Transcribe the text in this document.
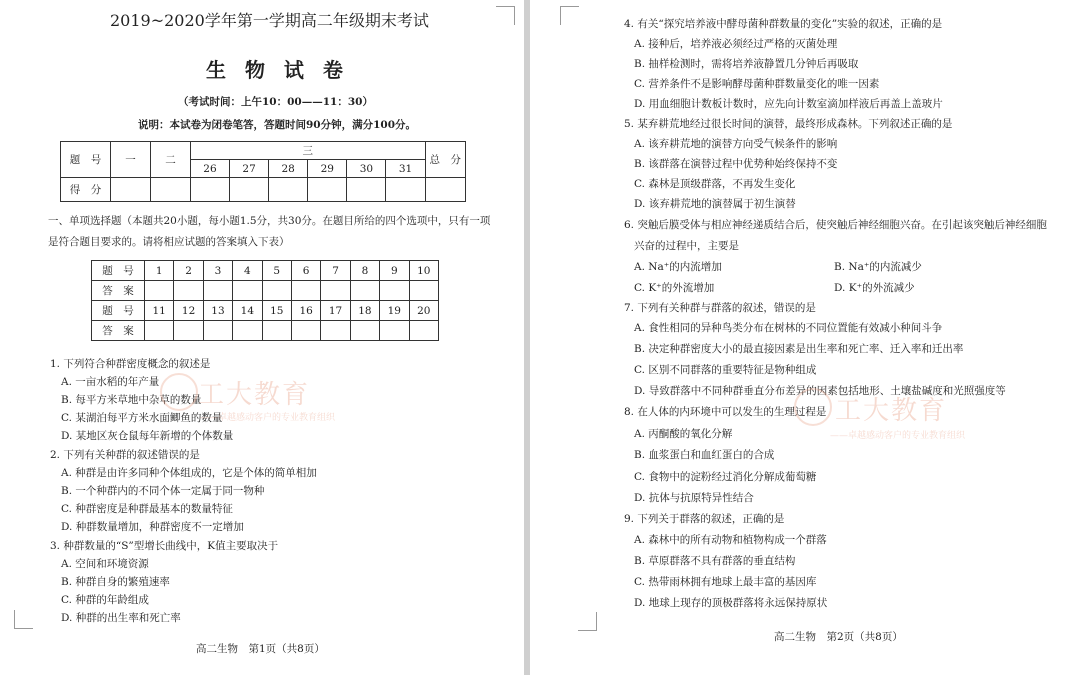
2019~2020学年第一学期高二年级期末考试
生 物 试 卷
（考试时间：上午10：00——11：30）
说明：本试卷为闭卷笔答，答题时间90分钟，满分100分。
题　号	一	二	三						总　分
			26	27	28	29	30	31	
得　分									
一、单项选择题（本题共20小题，每小题1.5分，共30分。在题目所给的四个选项中，只有一项
是符合题目要求的。请将相应试题的答案填入下表）
题　号	1	2	3	4	5	6	7	8	9	10
答　案										
题　号	11	12	13	14	15	16	17	18	19	20
答　案										
1. 下列符合种群密度概念的叙述是
A. 一亩水稻的年产量
B. 每平方米草地中杂草的数量
C. 某湖泊每平方米水面鲫鱼的数量
D. 某地区灰仓鼠每年新增的个体数量
2. 下列有关种群的叙述错误的是
A. 种群是由许多同种个体组成的，它是个体的简单相加
B. 一个种群内的不同个体一定属于同一物种
C. 种群密度是种群最基本的数量特征
D. 种群数量增加，种群密度不一定增加
3. 种群数量的“S”型增长曲线中，K值主要取决于
A. 空间和环境资源
B. 种群自身的繁殖速率
C. 种群的年龄组成
D. 种群的出生率和死亡率
工大教育
——卓越感动客户的专业教育组织
高二生物　第1页（共8页）
4. 有关“探究培养液中酵母菌种群数量的变化”实验的叙述，正确的是
A. 接种后，培养液必须经过严格的灭菌处理
B. 抽样检测时，需将培养液静置几分钟后再吸取
C. 营养条件不是影响酵母菌种群数量变化的唯一因素
D. 用血细胞计数板计数时，应先向计数室滴加样液后再盖上盖玻片
5. 某弃耕荒地经过很长时间的演替，最终形成森林。下列叙述正确的是
A. 该弃耕荒地的演替方向受气候条件的影响
B. 该群落在演替过程中优势种始终保持不变
C. 森林是顶级群落，不再发生变化
D. 该弃耕荒地的演替属于初生演替
6. 突触后膜受体与相应神经递质结合后，使突触后神经细胞兴奋。在引起该突触后神经细胞
兴奋的过程中，主要是
A. Na⁺的内流增加	B. Na⁺的内流减少
C. K⁺的外流增加	D. K⁺的外流减少
7. 下列有关种群与群落的叙述，错误的是
A. 食性相同的异种鸟类分布在树林的不同位置能有效减小种间斗争
B. 决定种群密度大小的最直接因素是出生率和死亡率、迁入率和迁出率
C. 区别不同群落的重要特征是物种组成
D. 导致群落中不同种群垂直分布差异的因素包括地形、土壤盐碱度和光照强度等
8. 在人体的内环境中可以发生的生理过程是
A. 丙酮酸的氧化分解
B. 血浆蛋白和血红蛋白的合成
C. 食物中的淀粉经过消化分解成葡萄糖
D. 抗体与抗原特异性结合
9. 下列关于群落的叙述，正确的是
A. 森林中的所有动物和植物构成一个群落
B. 草原群落不具有群落的垂直结构
C. 热带雨林拥有地球上最丰富的基因库
D. 地球上现存的顶极群落将永远保持原状
工大教育
——卓越感动客户的专业教育组织
高二生物　第2页（共8页）
